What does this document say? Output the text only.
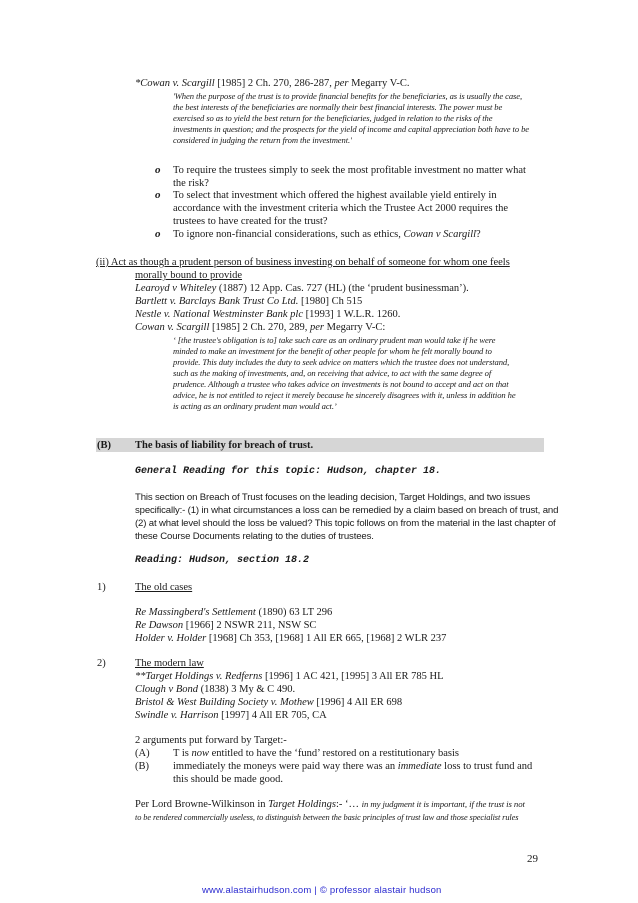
*Cowan v. Scargill [1985] 2 Ch. 270, 286-287, per Megarry V-C.
'When the purpose of the trust is to provide financial benefits for the beneficiaries, as is usually the case,
the best interests of the beneficiaries are normally their best financial interests. The power must be
exercised so as to yield the best return for the beneficiaries, judged in relation to the risks of the
investments in question; and the prospects for the yield of income and capital appreciation both have to be
considered in judging the return from the investment.'
o To require the trustees simply to seek the most profitable investment no matter what
the risk?
o To select that investment which offered the highest available yield entirely in
accordance with the investment criteria which the Trustee Act 2000 requires the
trustees to have created for the trust?
o To ignore non-financial considerations, such as ethics, Cowan v Scargill?
(ii) Act as though a prudent person of business investing on behalf of someone for whom one feels
morally bound to provide
Learoyd v Whiteley (1887) 12 App. Cas. 727 (HL) (the ‘prudent businessman’).
Bartlett v. Barclays Bank Trust Co Ltd. [1980] Ch 515
Nestle v. National Westminster Bank plc [1993] 1 W.L.R. 1260.
Cowan v. Scargill [1985] 2 Ch. 270, 289, per Megarry V-C:
‘ [the trustee's obligation is to] take such care as an ordinary prudent man would take if he were
minded to make an investment for the benefit of other people for whom he felt morally bound to
provide. This duty includes the duty to seek advice on matters which the trustee does not understand,
such as the making of investments, and, on receiving that advice, to act with the same degree of
prudence. Although a trustee who takes advice on investments is not bound to accept and act on that
advice, he is not entitled to reject it merely because he sincerely disagrees with it, unless in addition he
is acting as an ordinary prudent man would act.’
(B) The basis of liability for breach of trust.
General Reading for this topic: Hudson, chapter 18.
This section on Breach of Trust focuses on the leading decision, Target Holdings, and two issues
specifically:- (1) in what circumstances a loss can be remedied by a claim based on breach of trust, and
(2) at what level should the loss be valued? This topic follows on from the material in the last chapter of
these Course Documents relating to the duties of trustees.
Reading: Hudson, section 18.2
1)	The old cases
Re Massingberd's Settlement (1890) 63 LT 296
Re Dawson [1966] 2 NSWR 211, NSW SC
Holder v. Holder [1968] Ch 353, [1968] 1 All ER 665, [1968] 2 WLR 237
2)	The modern law
**Target Holdings v. Redferns [1996] 1 AC 421, [1995] 3 All ER 785 HL
Clough v Bond (1838) 3 My & C 490.
Bristol & West Building Society v. Mothew [1996] 4 All ER 698
Swindle v. Harrison [1997] 4 All ER 705, CA
2 arguments put forward by Target:-
(A) T is now entitled to have the ‘fund’ restored on a restitutionary basis
(B) immediately the moneys were paid way there was an immediate loss to trust fund and
this should be made good.
Per Lord Browne-Wilkinson in Target Holdings:- ‘… in my judgment it is important, if the trust is not
to be rendered commercially useless, to distinguish between the basic principles of trust law and those specialist rules
29
www.alastairhudson.com | © professor alastair hudson
